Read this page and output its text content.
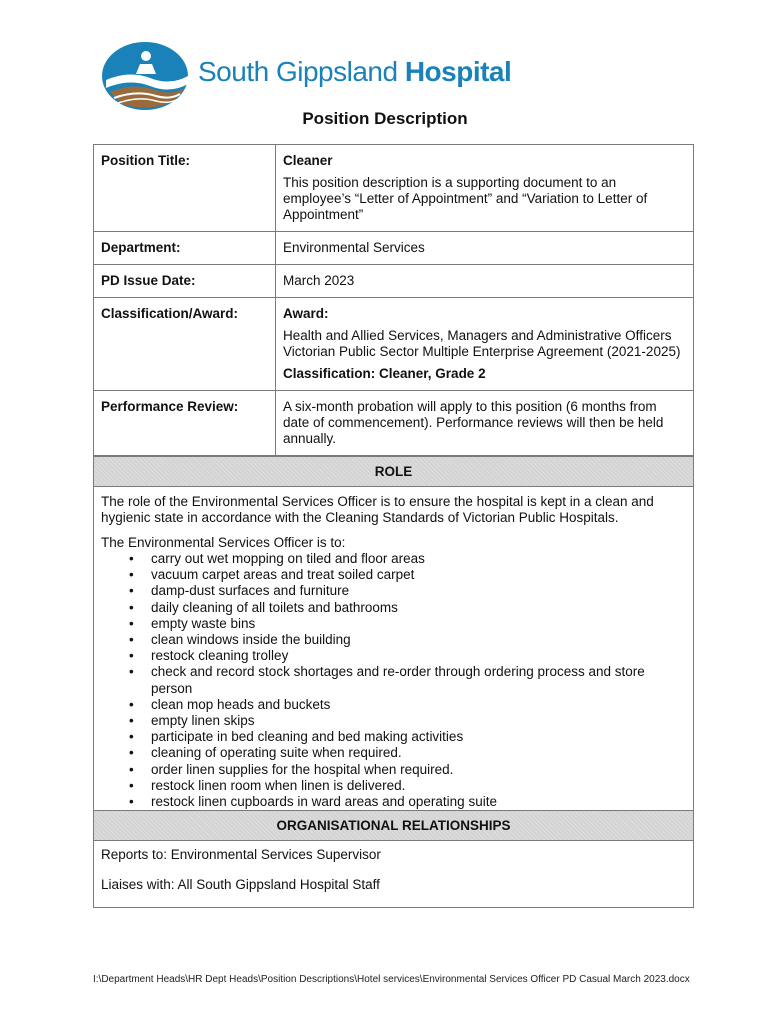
South Gippsland Hospital
Position Description
Position Title:	Cleaner

This position description is a supporting document to an employee’s “Letter of Appointment” and “Variation to Letter of Appointment”

Department:	Environmental Services
PD Issue Date:	March 2023
Classification/Award:	Award:

Health and Allied Services, Managers and Administrative Officers Victorian Public Sector Multiple Enterprise Agreement (2021-2025)

Classification: Cleaner, Grade 2

Performance Review:	A six-month probation will apply to this position (6 months from date of commencement). Performance reviews will then be held annually.
ROLE

The role of the Environmental Services Officer is to ensure the hospital is kept in a clean and hygienic state in accordance with the Cleaning Standards of Victorian Public Hospitals.

The Environmental Services Officer is to:
• carry out wet mopping on tiled and floor areas
• vacuum carpet areas and treat soiled carpet
• damp-dust surfaces and furniture
• daily cleaning of all toilets and bathrooms
• empty waste bins
• clean windows inside the building
• restock cleaning trolley
• check and record stock shortages and re-order through ordering process and store person
• clean mop heads and buckets
• empty linen skips
• participate in bed cleaning and bed making activities
• cleaning of operating suite when required.
• order linen supplies for the hospital when required.
• restock linen room when linen is delivered.
• restock linen cupboards in ward areas and operating suite
ORGANISATIONAL RELATIONSHIPS

Reports to: Environmental Services Supervisor

Liaises with: All South Gippsland Hospital Staff

I:\Department Heads\HR Dept Heads\Position Descriptions\Hotel services\Environmental Services Officer PD Casual March 2023.docx
